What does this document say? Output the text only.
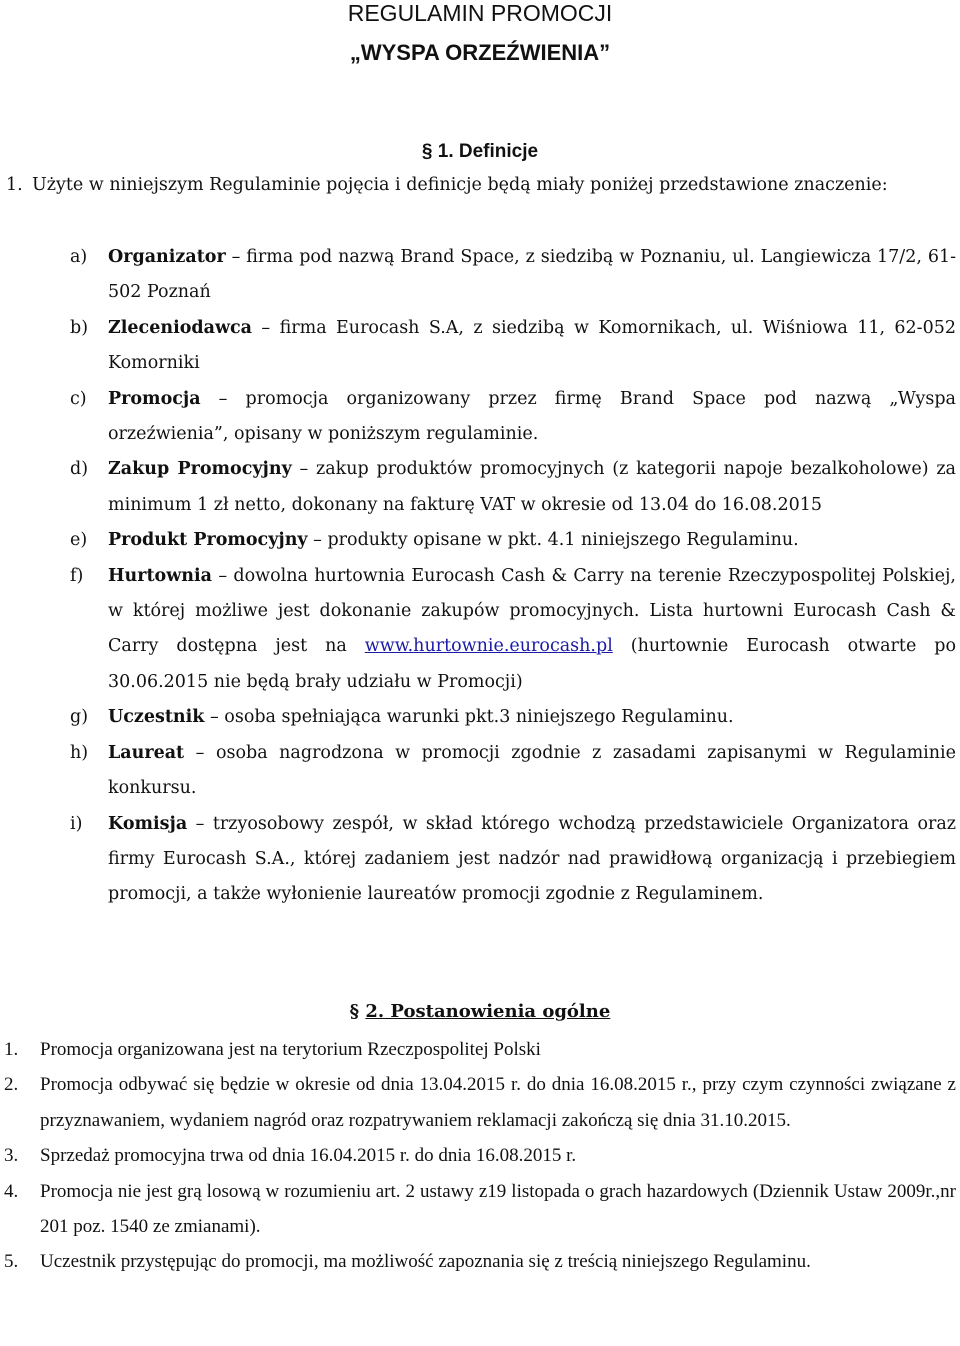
REGULAMIN PROMOCJI
„WYSPA ORZEŹWIENIA”
§ 1. Definicje
1. Użyte w niniejszym Regulaminie pojęcia i definicje będą miały poniżej przedstawione znaczenie:
a) Organizator – firma pod nazwą Brand Space, z siedzibą w Poznaniu, ul. Langiewicza 17/2, 61-502 Poznań
b) Zleceniodawca – firma Eurocash S.A, z siedzibą w Komornikach, ul. Wiśniowa 11, 62-052 Komorniki
c) Promocja – promocja organizowany przez firmę Brand Space pod nazwą „Wyspa orzeźwienia”, opisany w poniższym regulaminie.
d) Zakup Promocyjny – zakup produktów promocyjnych (z kategorii napoje bezalkoholowe) za minimum 1 zł netto, dokonany na fakturę VAT w okresie od 13.04 do 16.08.2015
e) Produkt Promocyjny – produkty opisane w pkt. 4.1 niniejszego Regulaminu.
f) Hurtownia – dowolna hurtownia Eurocash Cash & Carry na terenie Rzeczypospolitej Polskiej, w której możliwe jest dokonanie zakupów promocyjnych. Lista hurtowni Eurocash Cash & Carry dostępna jest na www.hurtownie.eurocash.pl (hurtownie Eurocash otwarte po 30.06.2015 nie będą brały udziału w Promocji)
g) Uczestnik – osoba spełniająca warunki pkt.3 niniejszego Regulaminu.
h) Laureat – osoba nagrodzona w promocji zgodnie z zasadami zapisanymi w Regulaminie konkursu.
i) Komisja – trzyosobowy zespół, w skład którego wchodzą przedstawiciele Organizatora oraz firmy Eurocash S.A., której zadaniem jest nadzór nad prawidłową organizacją i przebiegiem promocji, a także wyłonienie laureatów promocji zgodnie z Regulaminem.
§ 2. Postanowienia ogólne
1. Promocja organizowana jest na terytorium Rzeczpospolitej Polski
2. Promocja odbywać się będzie w okresie od dnia 13.04.2015 r. do dnia 16.08.2015 r., przy czym czynności związane z przyznawaniem, wydaniem nagród oraz rozpatrywaniem reklamacji zakończą się dnia 31.10.2015.
3. Sprzedaż promocyjna trwa od dnia 16.04.2015 r. do dnia 16.08.2015 r.
4. Promocja nie jest grą losową w rozumieniu art. 2 ustawy z19 listopada o grach hazardowych (Dziennik Ustaw 2009r.,nr 201 poz. 1540 ze zmianami).
5. Uczestnik przystępując do promocji, ma możliwość zapoznania się z treścią niniejszego Regulaminu.
